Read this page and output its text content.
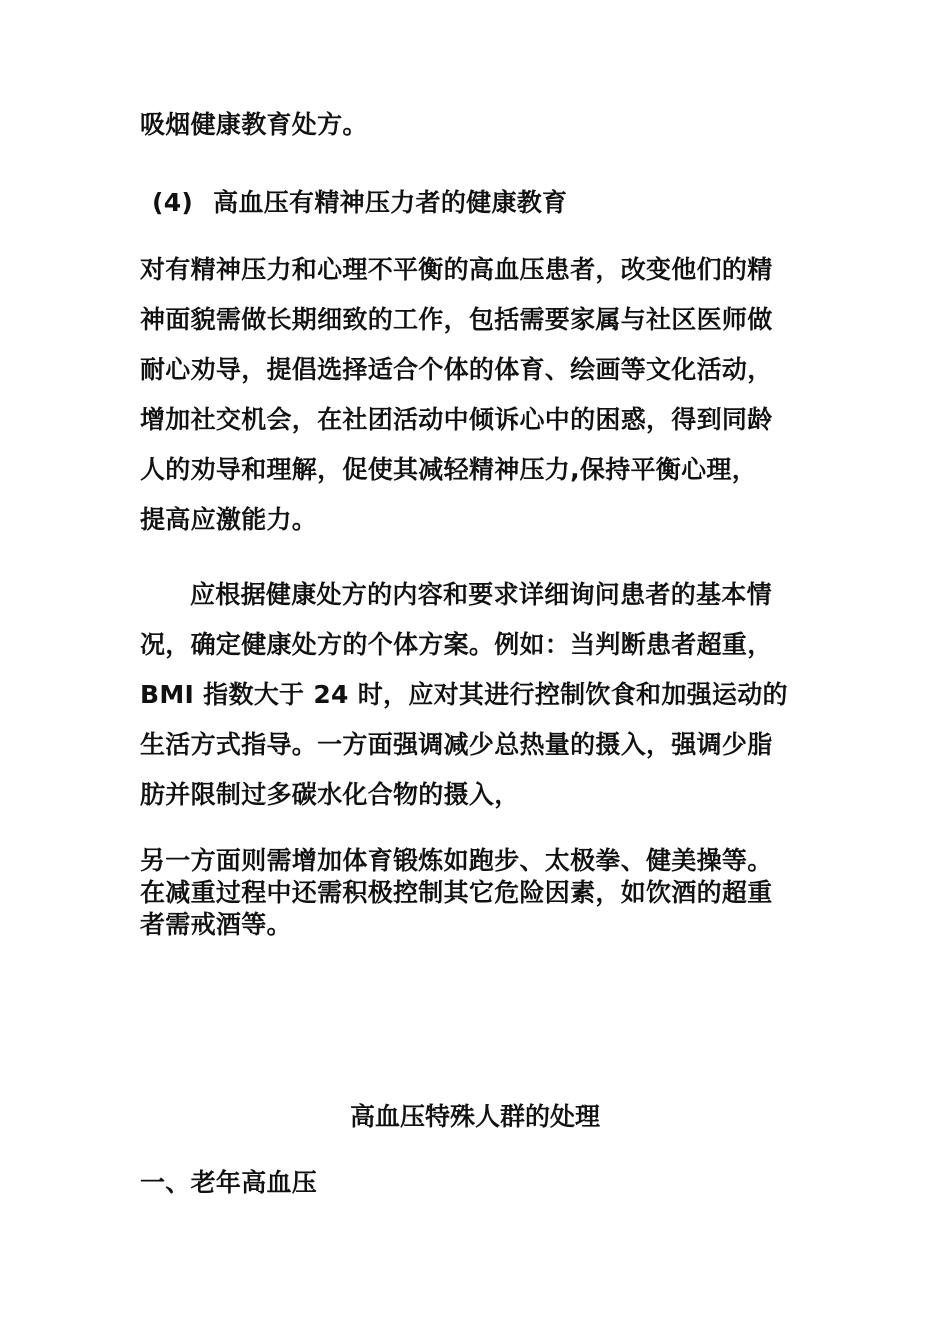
吸烟健康教育处方。
(4) 高血压有精神压力者的健康教育
对有精神压力和心理不平衡的高血压患者，改变他们的精
神面貌需做长期细致的工作，包括需要家属与社区医师做
耐心劝导，提倡选择适合个体的体育、绘画等文化活动，
增加社交机会，在社团活动中倾诉心中的困惑，得到同龄
人的劝导和理解，促使其减轻精神压力,保持平衡心理，
提高应激能力。
应根据健康处方的内容和要求详细询问患者的基本情
况，确定健康处方的个体方案。例如：当判断患者超重，
BMI 指数大于 24 时，应对其进行控制饮食和加强运动的
生活方式指导。一方面强调减少总热量的摄入，强调少脂
肪并限制过多碳水化合物的摄入，
另一方面则需增加体育锻炼如跑步、太极拳、健美操等。
在减重过程中还需积极控制其它危险因素，如饮酒的超重
者需戒酒等。
高血压特殊人群的处理
一、老年高血压
